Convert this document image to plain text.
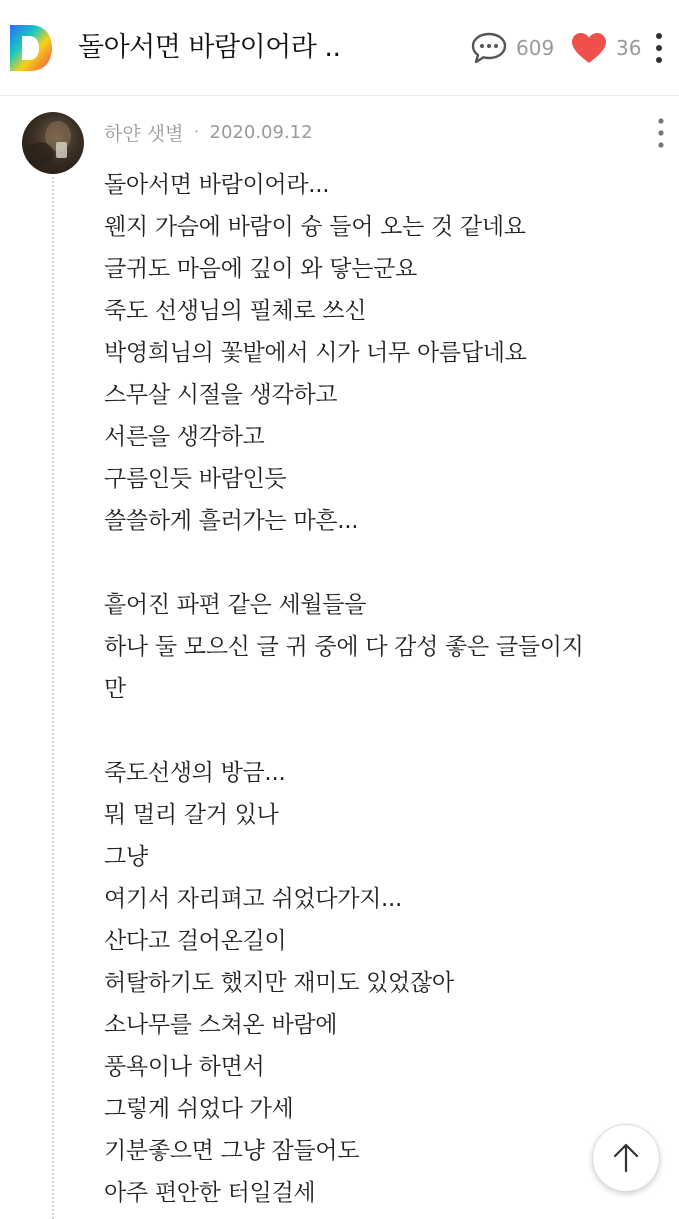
돌아서면 바람이어라 ..	609	36
하얀 샛별 · 2020.09.12
돌아서면 바람이어라...
웬지 가슴에 바람이 슝 들어 오는 것 같네요
글귀도 마음에 깊이 와 닿는군요
죽도 선생님의 필체로 쓰신
박영희님의 꽃밭에서 시가 너무 아름답네요
스무살 시절을 생각하고
서른을 생각하고
구름인듯 바람인듯
쓸쓸하게 흘러가는 마흔...
흩어진 파편 같은 세월들을
하나 둘 모으신 글 귀 중에 다 감성 좋은 글들이지
만
죽도선생의 방금...
뭐 멀리 갈거 있나
그냥
여기서 자리펴고 쉬었다가지...
산다고 걸어온길이
허탈하기도 했지만 재미도 있었잖아
소나무를 스쳐온 바람에
풍욕이나 하면서
그렇게 쉬었다 가세
기분좋으면 그냥 잠들어도
아주 편안한 터일걸세
